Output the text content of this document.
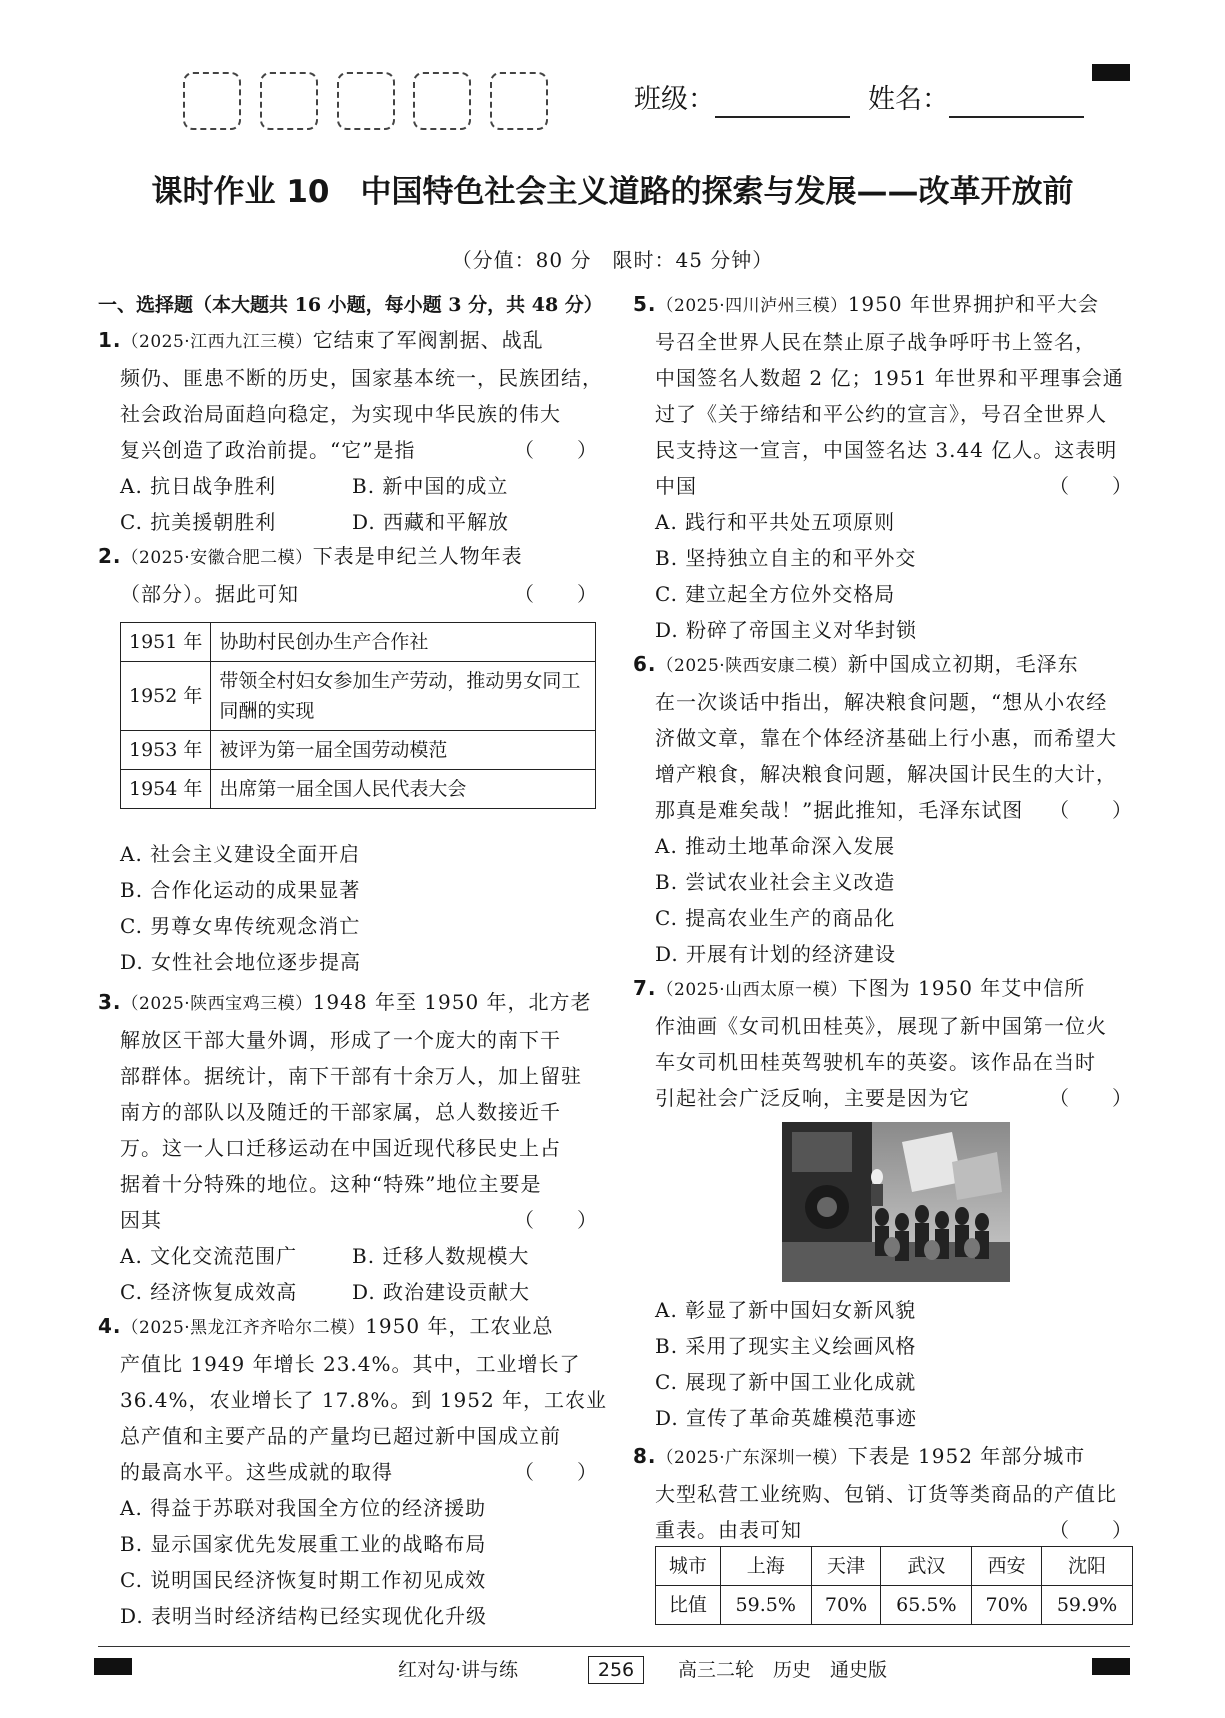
班级：	姓名：
课时作业 10　中国特色社会主义道路的探索与发展——改革开放前
（分值：80 分　限时：45 分钟）
一、选择题（本大题共 16 小题，每小题 3 分，共 48 分）
1.（2025·江西九江三模）它结束了军阀割据、战乱
频仍、匪患不断的历史，国家基本统一，民族团结，
社会政治局面趋向稳定，为实现中华民族的伟大
复兴创造了政治前提。“它”是指	（　　）
A. 抗日战争胜利	B. 新中国的成立
C. 抗美援朝胜利	D. 西藏和平解放
2.（2025·安徽合肥二模）下表是申纪兰人物年表
（部分）。据此可知	（　　）
1951 年	协助村民创办生产合作社
1952 年	带领全村妇女参加生产劳动，推动男女同工同酬的实现
1953 年	被评为第一届全国劳动模范
1954 年	出席第一届全国人民代表大会
A. 社会主义建设全面开启
B. 合作化运动的成果显著
C. 男尊女卑传统观念消亡
D. 女性社会地位逐步提高
3.（2025·陕西宝鸡三模）1948 年至 1950 年，北方老
解放区干部大量外调，形成了一个庞大的南下干
部群体。据统计，南下干部有十余万人，加上留驻
南方的部队以及随迁的干部家属，总人数接近千
万。这一人口迁移运动在中国近现代移民史上占
据着十分特殊的地位。这种“特殊”地位主要是
因其	（　　）
A. 文化交流范围广	B. 迁移人数规模大
C. 经济恢复成效高	D. 政治建设贡献大
4.（2025·黑龙江齐齐哈尔二模）1950 年，工农业总
产值比 1949 年增长 23.4%。其中，工业增长了
36.4%，农业增长了 17.8%。到 1952 年，工农业
总产值和主要产品的产量均已超过新中国成立前
的最高水平。这些成就的取得	（　　）
A. 得益于苏联对我国全方位的经济援助
B. 显示国家优先发展重工业的战略布局
C. 说明国民经济恢复时期工作初见成效
D. 表明当时经济结构已经实现优化升级
5.（2025·四川泸州三模）1950 年世界拥护和平大会
号召全世界人民在禁止原子战争呼吁书上签名，
中国签名人数超 2 亿；1951 年世界和平理事会通
过了《关于缔结和平公约的宣言》，号召全世界人
民支持这一宣言，中国签名达 3.44 亿人。这表明
中国	（　　）
A. 践行和平共处五项原则
B. 坚持独立自主的和平外交
C. 建立起全方位外交格局
D. 粉碎了帝国主义对华封锁
6.（2025·陕西安康二模）新中国成立初期，毛泽东
在一次谈话中指出，解决粮食问题，“想从小农经
济做文章，靠在个体经济基础上行小惠，而希望大
增产粮食，解决粮食问题，解决国计民生的大计，
那真是难矣哉！”据此推知，毛泽东试图 （　　）
A. 推动土地革命深入发展
B. 尝试农业社会主义改造
C. 提高农业生产的商品化
D. 开展有计划的经济建设
7.（2025·山西太原一模）下图为 1950 年艾中信所
作油画《女司机田桂英》，展现了新中国第一位火
车女司机田桂英驾驶机车的英姿。该作品在当时
引起社会广泛反响，主要是因为它	（　　）
A. 彰显了新中国妇女新风貌
B. 采用了现实主义绘画风格
C. 展现了新中国工业化成就
D. 宣传了革命英雄模范事迹
8.（2025·广东深圳一模）下表是 1952 年部分城市
大型私营工业统购、包销、订货等类商品的产值比
重表。由表可知	（　　）
城市	上海	天津	武汉	西安	沈阳
比值	59.5%	70%	65.5%	70%	59.9%
红对勾·讲与练	256	高三二轮　历史　通史版
